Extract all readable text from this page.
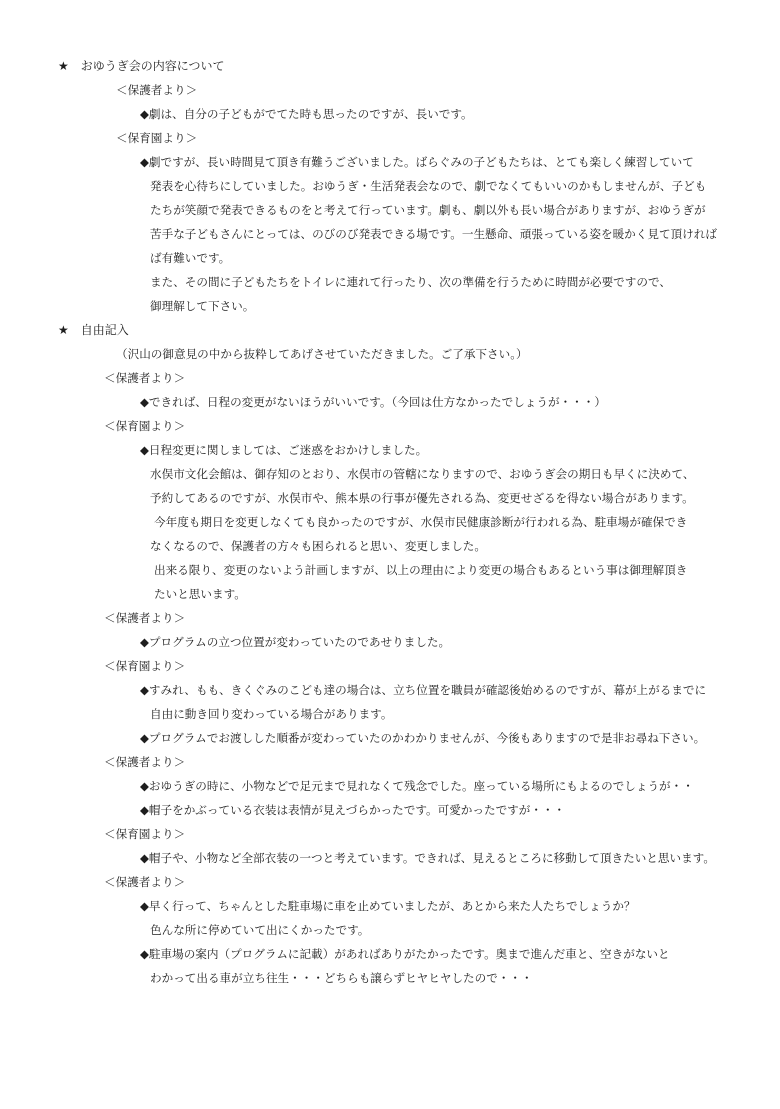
★　おゆうぎ会の内容について
＜保護者より＞
◆劇は、自分の子どもがでてた時も思ったのですが、長いです。
＜保育園より＞
◆劇ですが、長い時間見て頂き有難うございました。ばらぐみの子どもたちは、とても楽しく練習していて
発表を心待ちにしていました。おゆうぎ・生活発表会なので、劇でなくてもいいのかもしませんが、子ども
たちが笑顔で発表できるものをと考えて行っています。劇も、劇以外も長い場合がありますが、おゆうぎが
苦手な子どもさんにとっては、のびのび発表できる場です。一生懸命、頑張っている姿を暖かく見て頂ければ
ば有難いです。
また、その間に子どもたちをトイレに連れて行ったり、次の準備を行うために時間が必要ですので、
御理解して下さい。
★　自由記入
（沢山の御意見の中から抜粋してあげさせていただきました。ご了承下さい。）
＜保護者より＞
◆できれば、日程の変更がないほうがいいです。（今回は仕方なかったでしょうが・・・）
＜保育園より＞
◆日程変更に関しましては、ご迷惑をおかけしました。
水俣市文化会館は、御存知のとおり、水俣市の管轄になりますので、おゆうぎ会の期日も早くに決めて、
予約してあるのですが、水俣市や、熊本県の行事が優先される為、変更せざるを得ない場合があります。
今年度も期日を変更しなくても良かったのですが、水俣市民健康診断が行われる為、駐車場が確保でき
なくなるので、保護者の方々も困られると思い、変更しました。
出来る限り、変更のないよう計画しますが、以上の理由により変更の場合もあるという事は御理解頂き
たいと思います。
＜保護者より＞
◆プログラムの立つ位置が変わっていたのであせりました。
＜保育園より＞
◆すみれ、もも、きくぐみのこども達の場合は、立ち位置を職員が確認後始めるのですが、幕が上がるまでに
自由に動き回り変わっている場合があります。
◆プログラムでお渡しした順番が変わっていたのかわかりませんが、今後もありますので是非お尋ね下さい。
＜保護者より＞
◆おゆうぎの時に、小物などで足元まで見れなくて残念でした。座っている場所にもよるのでしょうが・・
◆帽子をかぶっている衣装は表情が見えづらかったです。可愛かったですが・・・
＜保育園より＞
◆帽子や、小物など全部衣装の一つと考えています。できれば、見えるところに移動して頂きたいと思います。
＜保護者より＞
◆早く行って、ちゃんとした駐車場に車を止めていましたが、あとから来た人たちでしょうか？
色んな所に停めていて出にくかったです。
◆駐車場の案内（プログラムに記載）があればありがたかったです。奥まで進んだ車と、空きがないと
わかって出る車が立ち往生・・・どちらも譲らずヒヤヒヤしたので・・・
